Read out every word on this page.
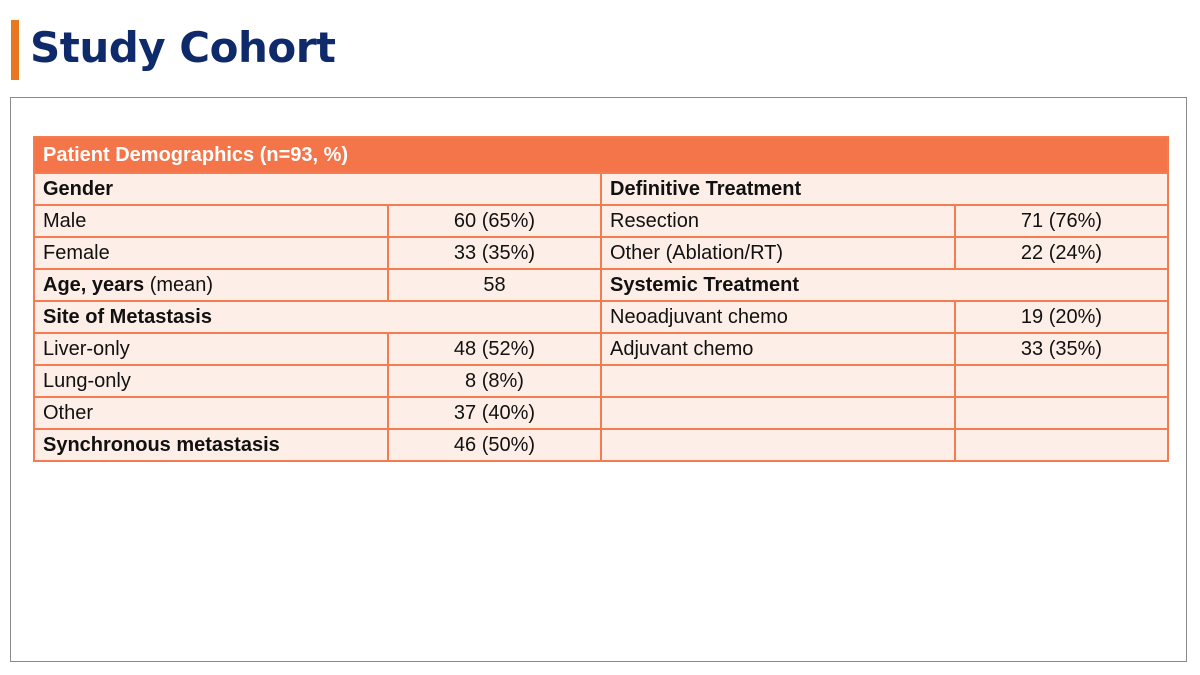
Study Cohort
Patient Demographics (n=93, %)			
Gender		Definitive Treatment	
Male	60 (65%)	Resection	71 (76%)
Female	33 (35%)	Other (Ablation/RT)	22 (24%)
Age, years (mean)	58	Systemic Treatment	
Site of Metastasis		Neoadjuvant chemo	19 (20%)
Liver-only	48 (52%)	Adjuvant chemo	33 (35%)
Lung-only	8 (8%)		
Other	37 (40%)		
Synchronous metastasis	46 (50%)		
